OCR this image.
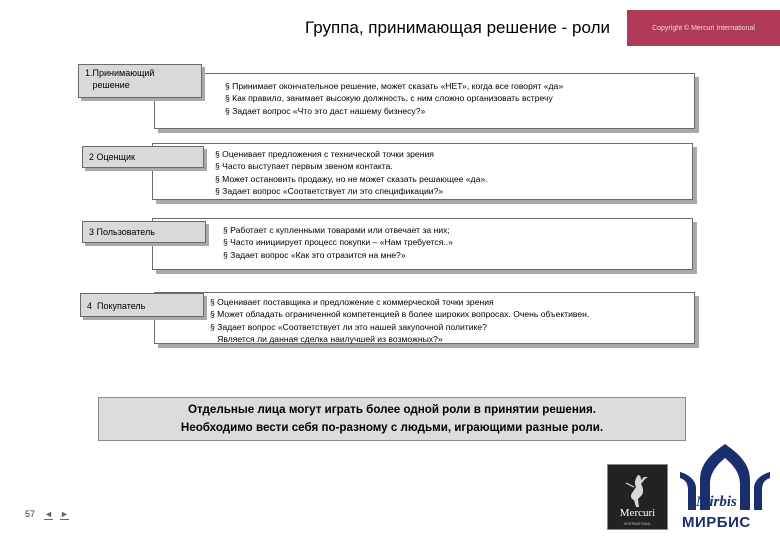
Группа, принимающая решение - роли	Copyright © Mercuri International
§ Принимает окончательное решение, может сказать «НЕТ», когда все говорят «да»
§ Как правило, занимает высокую должность, с ним сложно организовать встречу
§ Задает вопрос «Что это даст нашему бизнесу?»
1.Принимающий
решение
§ Оценивает предложения с технической точки зрения
§ Часто выступает первым звеном контакта.
§ Может остановить продажу, но не может сказать решающее «да».
§ Задает вопрос «Соответствует ли это спецификации?»
2 Оценщик
§ Работает с купленными товарами или отвечает за них;
§ Часто инициирует процесс покупки – «Нам требуется..»
§ Задает вопрос «Как это отразится на мне?»
3 Пользователь
§ Оценивает поставщика и предложение с коммерческой точки зрения
§ Может обладать ограниченной компетенцией в более широких вопросах. Очень объективен.
§ Задает вопрос «Соответствует ли это нашей закупочной политике?
Является ли данная сделка наилучшей из возможных?»
4  Покупатель
Отдельные лица могут играть более одной роли в принятии решения.
Необходимо вести себя по-разному с людьми, играющими разные роли.
57 ◄ ►	Mercuri
INTERNATIONAL
Mirbis
МИРБИС
